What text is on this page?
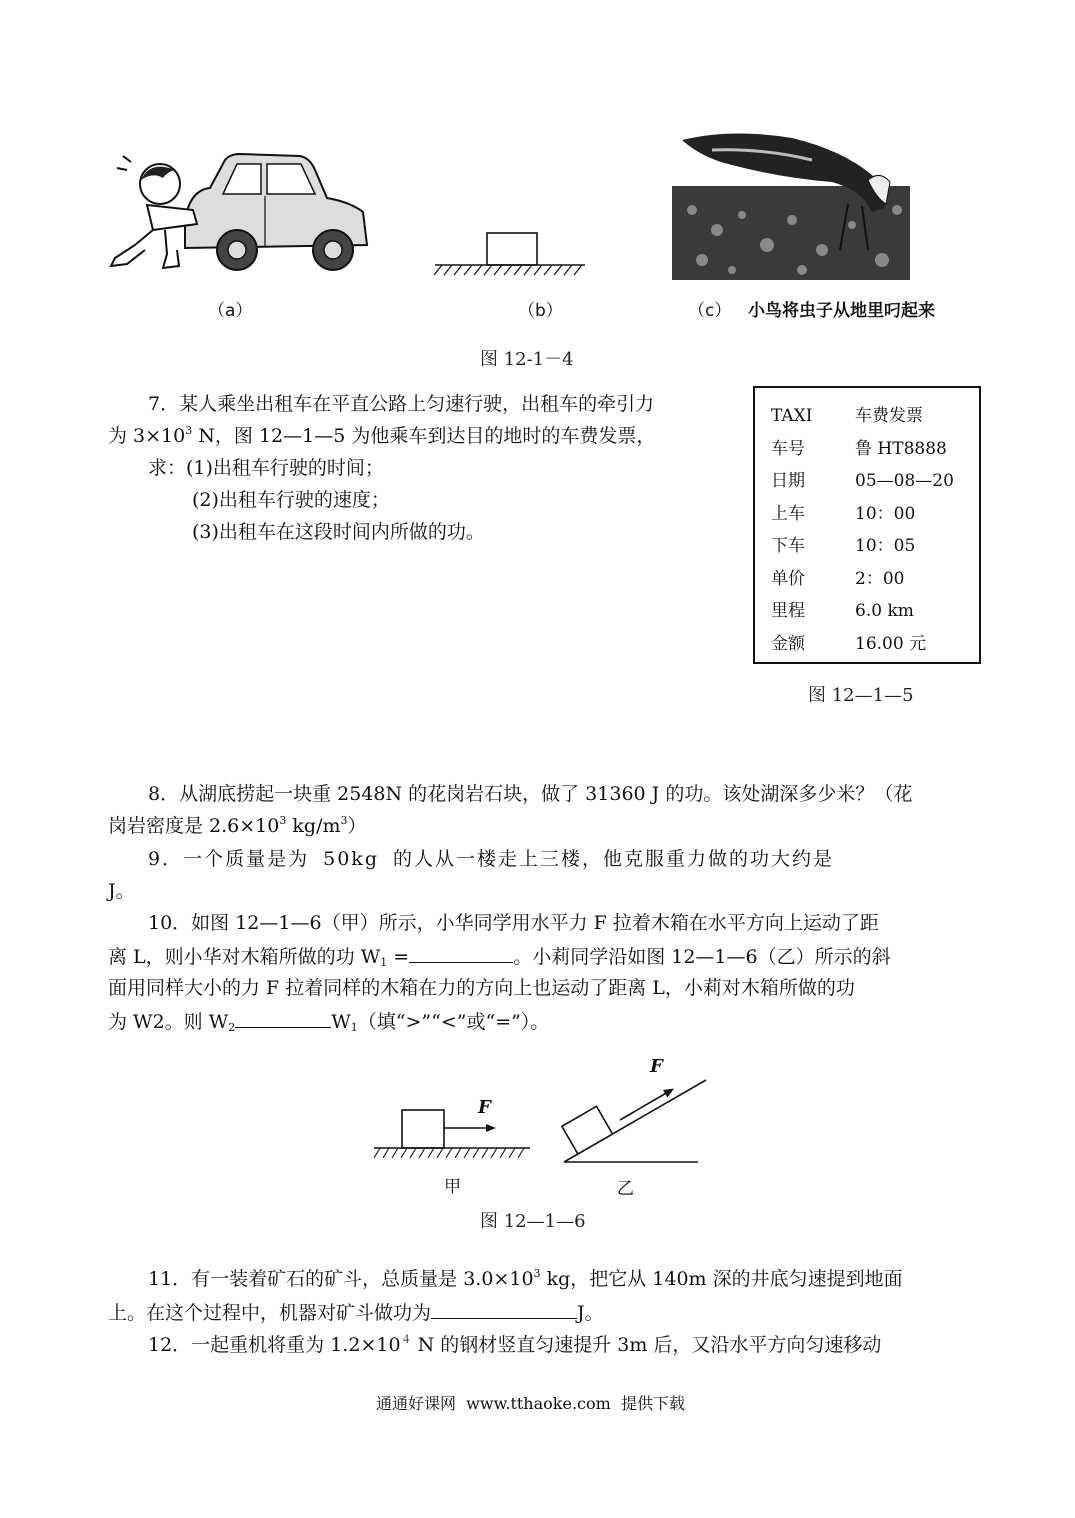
（a）	（b）	（c） 小鸟将虫子从地里叼起来
图 12-1－4
7．某人乘坐出租车在平直公路上匀速行驶，出租车的牵引力
为 $3\times 10^3$ N，图 12—1—5 为他乘车到达目的地时的车费发票，
求：(1)出租车行驶的时间；
(2)出租车行驶的速度；
(3)出租车在这段时间内所做的功。
TAXI 车费发票
车号	鲁 HT8888
日期	05—08—20
上车	10：00
下车	10：05
单价	2：00
里程	6.0 km
金额	16.00 元
图 12—1—5
8．从湖底捞起一块重 2548N 的花岗岩石块，做了 31360 J 的功。该处湖深多少米？（花
岗岩密度是 $2.6\times 10^3$ $kg/m^3$）
9．一个质量是为 50kg 的人从一楼走上三楼，他克服重力做的功大约是
J。
10．如图 12—1—6（甲）所示，小华同学用水平力 F 拉着木箱在水平方向上运动了距
离 L，则小华对木箱所做的功 $W_1$ =	。小莉同学沿如图 12—1—6（乙）所示的斜
面用同样大小的力 F 拉着同样的木箱在力的方向上也运动了距离 L，小莉对木箱所做的功
为 W2。则 $W_2$	$W_1$（填“>”“<”或“=”）。
F
F
甲	乙
图 12—1—6
11．有一装着矿石的矿斗，总质量是 $3.0\times 10^3$ kg，把它从 140m 深的井底匀速提到地面
上。在这个过程中，机器对矿斗做功为	J。
12．一起重机将重为 $1.2\times 10^4$ N 的钢材竖直匀速提升 3m 后，又沿水平方向匀速移动
通通好课网  www.tthaoke.com  提供下载
